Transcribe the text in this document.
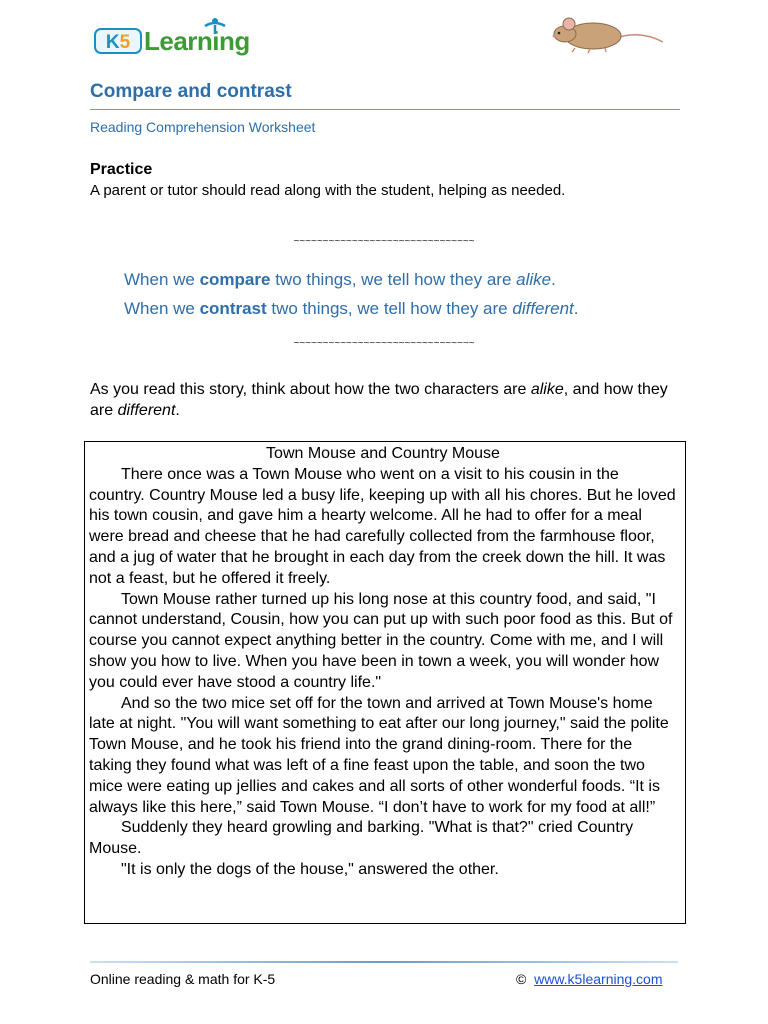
K5 Learning
Compare and contrast
Reading Comprehension Worksheet
Practice
A parent or tutor should read along with the student, helping as needed.
~~~~~~~~~~~~~~~~~~~~~~~~~~~~~~~
When we compare two things, we tell how they are alike.
When we contrast two things, we tell how they are different.
~~~~~~~~~~~~~~~~~~~~~~~~~~~~~~~
As you read this story, think about how the two characters are alike, and how they are different.
Town Mouse and Country Mouse

There once was a Town Mouse who went on a visit to his cousin in the country. Country Mouse led a busy life, keeping up with all his chores. But he loved his town cousin, and gave him a hearty welcome. All he had to offer for a meal were bread and cheese that he had carefully collected from the farmhouse floor, and a jug of water that he brought in each day from the creek down the hill. It was not a feast, but he offered it freely.

Town Mouse rather turned up his long nose at this country food, and said, "I cannot understand, Cousin, how you can put up with such poor food as this. But of course you cannot expect anything better in the country. Come with me, and I will show you how to live. When you have been in town a week, you will wonder how you could ever have stood a country life."

And so the two mice set off for the town and arrived at Town Mouse's home late at night. "You will want something to eat after our long journey," said the polite Town Mouse, and he took his friend into the grand dining-room. There for the taking they found what was left of a fine feast upon the table, and soon the two mice were eating up jellies and cakes and all sorts of other wonderful foods. “It is always like this here,” said Town Mouse. “I don’t have to work for my food at all!”

Suddenly they heard growling and barking. "What is that?" cried Country Mouse.

"It is only the dogs of the house," answered the other.

Online reading & math for K-5	© www.k5learning.com
